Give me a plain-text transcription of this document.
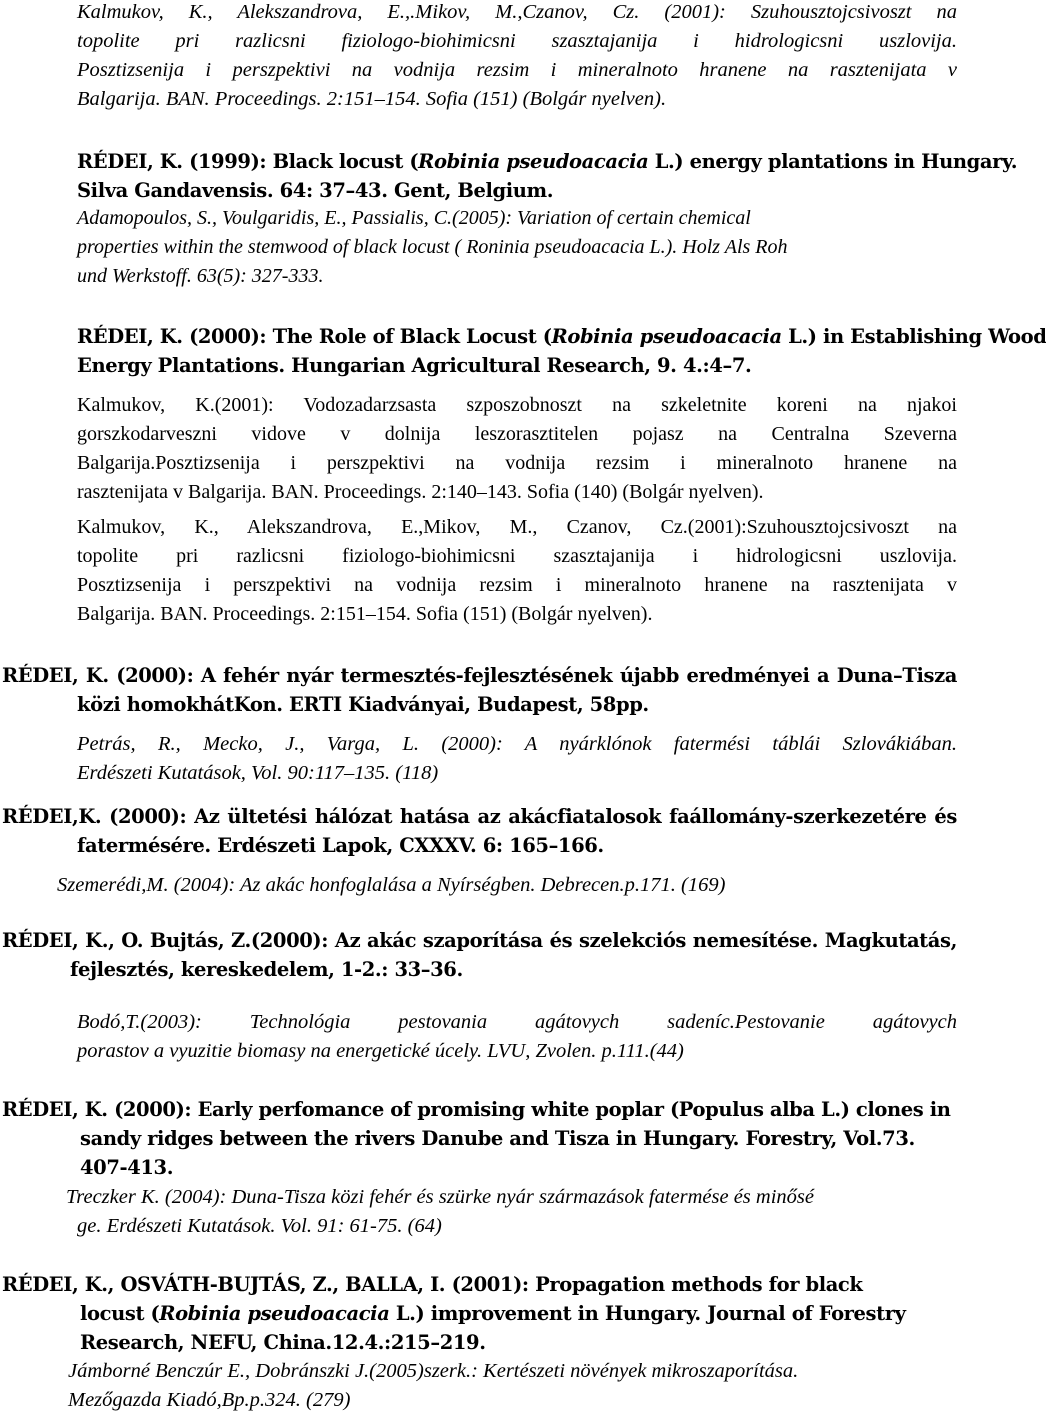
Kalmukov, K., Alekszandrova, E.,.Mikov, M.,Czanov, Cz. (2001): Szuhousztojcsivoszt na
topolite pri razlicsni fiziologo-biohimicsni szasztajanija i hidrologicsni uszlovija.
Posztizsenija i perszpektivi na vodnija rezsim i mineralnoto hranene na rasztenijata v
Balgarija. BAN. Proceedings. 2:151–154. Sofia (151) (Bolgár nyelven).
RÉDEI, K. (1999): Black locust (Robinia pseudoacacia L.) energy plantations in Hungary.
Silva Gandavensis. 64: 37–43. Gent, Belgium.
Adamopoulos, S., Voulgaridis, E., Passialis, C.(2005): Variation of certain chemical
properties within the stemwood of black locust ( Roninia pseudoacacia L.). Holz Als Roh
und Werkstoff. 63(5): 327-333.
RÉDEI, K. (2000): The Role of Black Locust (Robinia pseudoacacia L.) in Establishing Wood
Energy Plantations. Hungarian Agricultural Research, 9. 4.:4–7.
Kalmukov, K.(2001): Vodozadarzsasta szposzobnoszt na szkeletnite koreni na njakoi
gorszkodarveszni vidove v dolnija leszorasztitelen pojasz na Centralna Szeverna
Balgarija.Posztizsenija i perszpektivi na vodnija rezsim i mineralnoto hranene na
rasztenijata v Balgarija. BAN. Proceedings. 2:140–143. Sofia (140) (Bolgár nyelven).
Kalmukov, K., Alekszandrova, E.,Mikov, M., Czanov, Cz.(2001):Szuhousztojcsivoszt na
topolite pri razlicsni fiziologo-biohimicsni szasztajanija i hidrologicsni uszlovija.
Posztizsenija i perszpektivi na vodnija rezsim i mineralnoto hranene na rasztenijata v
Balgarija. BAN. Proceedings. 2:151–154. Sofia (151) (Bolgár nyelven).
RÉDEI, K. (2000): A fehér nyár termesztés-fejlesztésének újabb eredményei a Duna–Tisza
közi homokhátKon. ERTI Kiadványai, Budapest, 58pp.
Petrás, R., Mecko, J., Varga, L. (2000): A nyárklónok fatermési táblái Szlovákiában.
Erdészeti Kutatások, Vol. 90:117–135. (118)
RÉDEI,K. (2000): Az ültetési hálózat hatása az akácfiatalosok faállomány-szerkezetére és
fatermésére. Erdészeti Lapok, CXXXV. 6: 165–166.
Szemerédi,M. (2004): Az akác honfoglalása a Nyírségben. Debrecen.p.171. (169)
RÉDEI, K., O. Bujtás, Z.(2000): Az akác szaporítása és szelekciós nemesítése. Magkutatás,
fejlesztés, kereskedelem, 1-2.: 33–36.
Bodó,T.(2003): Technológia pestovania agátovych sadeníc.Pestovanie agátovych
porastov a vyuzitie biomasy na energetické úcely. LVU, Zvolen. p.111.(44)
RÉDEI, K. (2000): Early perfomance of promising white poplar (Populus alba L.) clones in
sandy ridges between the rivers Danube and Tisza in Hungary. Forestry, Vol.73.
407-413.
Treczker K. (2004): Duna-Tisza közi fehér és szürke nyár származások fatermése és minősé
ge. Erdészeti Kutatások. Vol. 91: 61-75. (64)
RÉDEI, K., OSVÁTH-BUJTÁS, Z., BALLA, I. (2001): Propagation methods for black
locust (Robinia pseudoacacia L.) improvement in Hungary. Journal of Forestry
Research, NEFU, China.12.4.:215–219.
Jámborné Benczúr E., Dobránszki J.(2005)szerk.: Kertészeti növények mikroszaporítása.
Mezőgazda Kiadó,Bp.p.324. (279)
